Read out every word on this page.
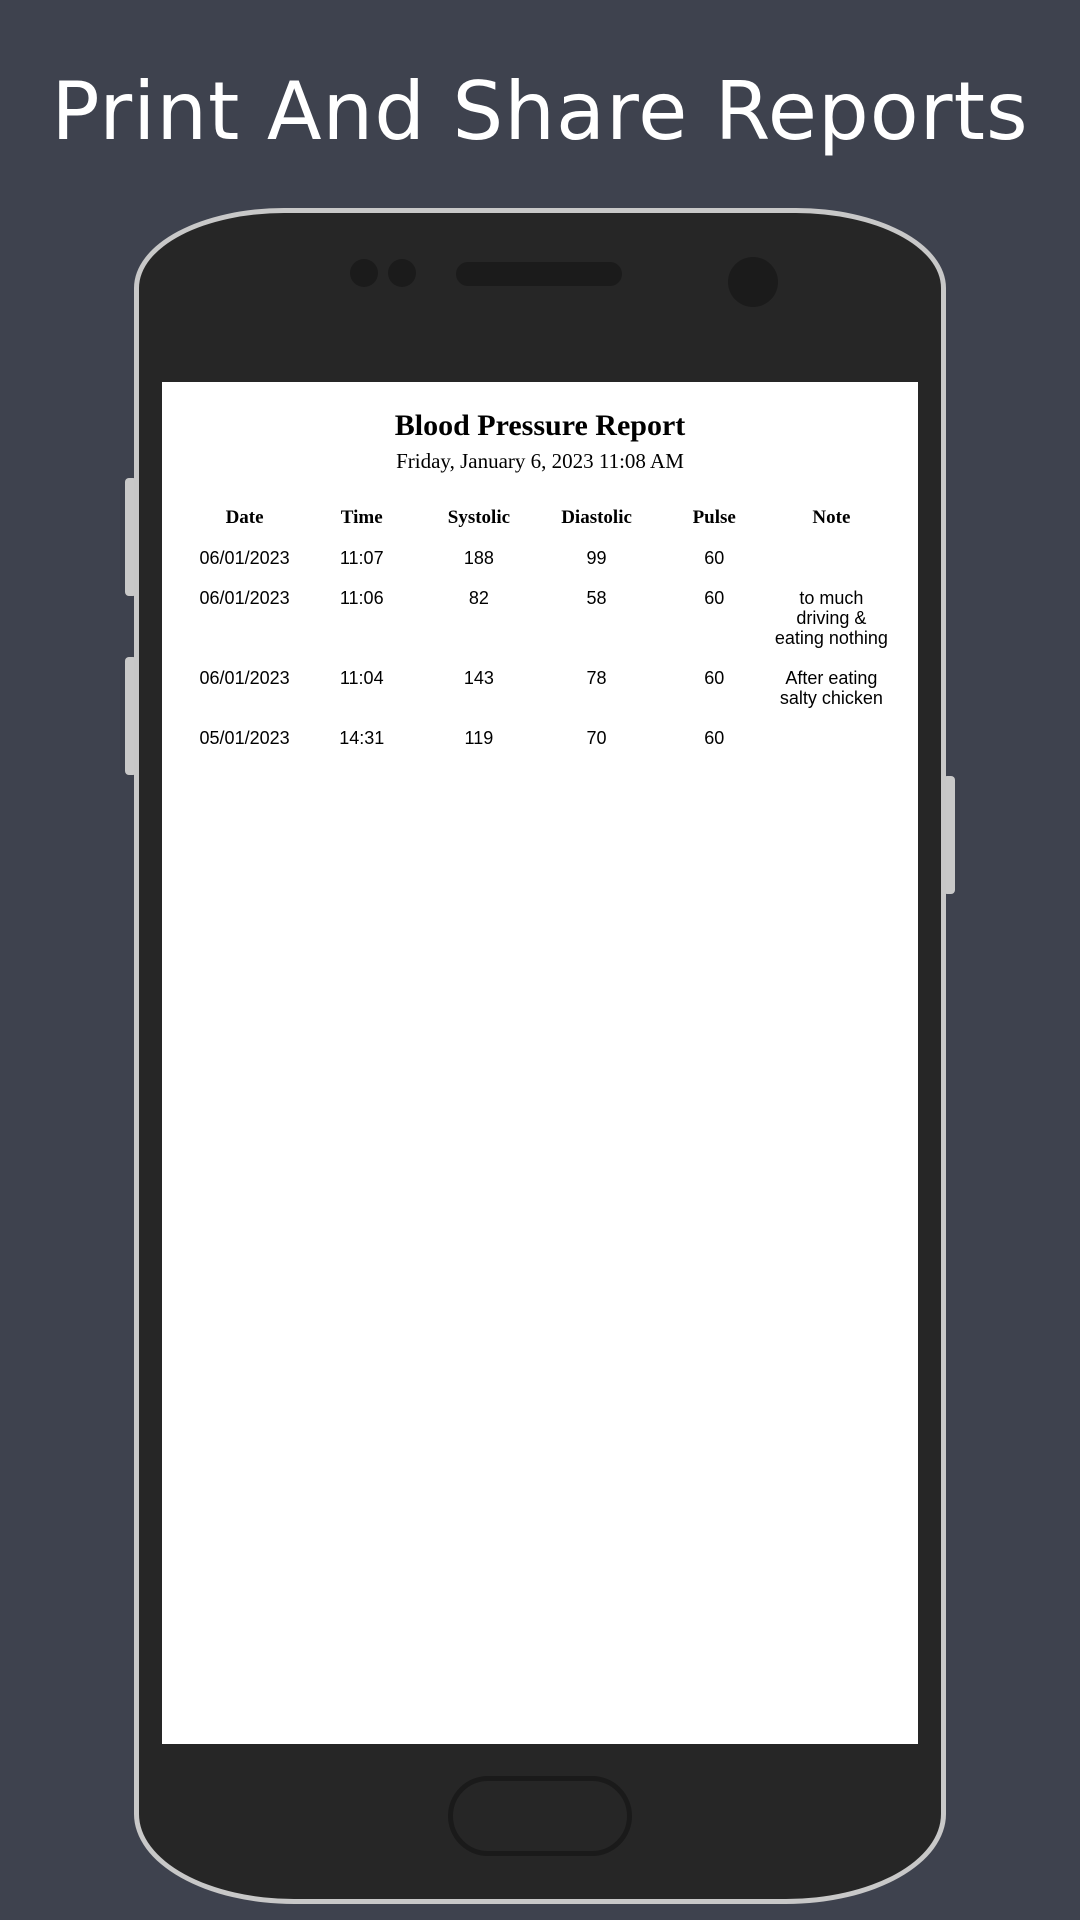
Print And Share Reports
Blood Pressure Report
Friday, January 6, 2023 11:08 AM
Date	Time	Systolic	Diastolic	Pulse	Note
06/01/2023	11:07	188	99	60	
06/01/2023	11:06	82	58	60	to much driving & eating nothing
06/01/2023	11:04	143	78	60	After eating salty chicken
05/01/2023	14:31	119	70	60	
